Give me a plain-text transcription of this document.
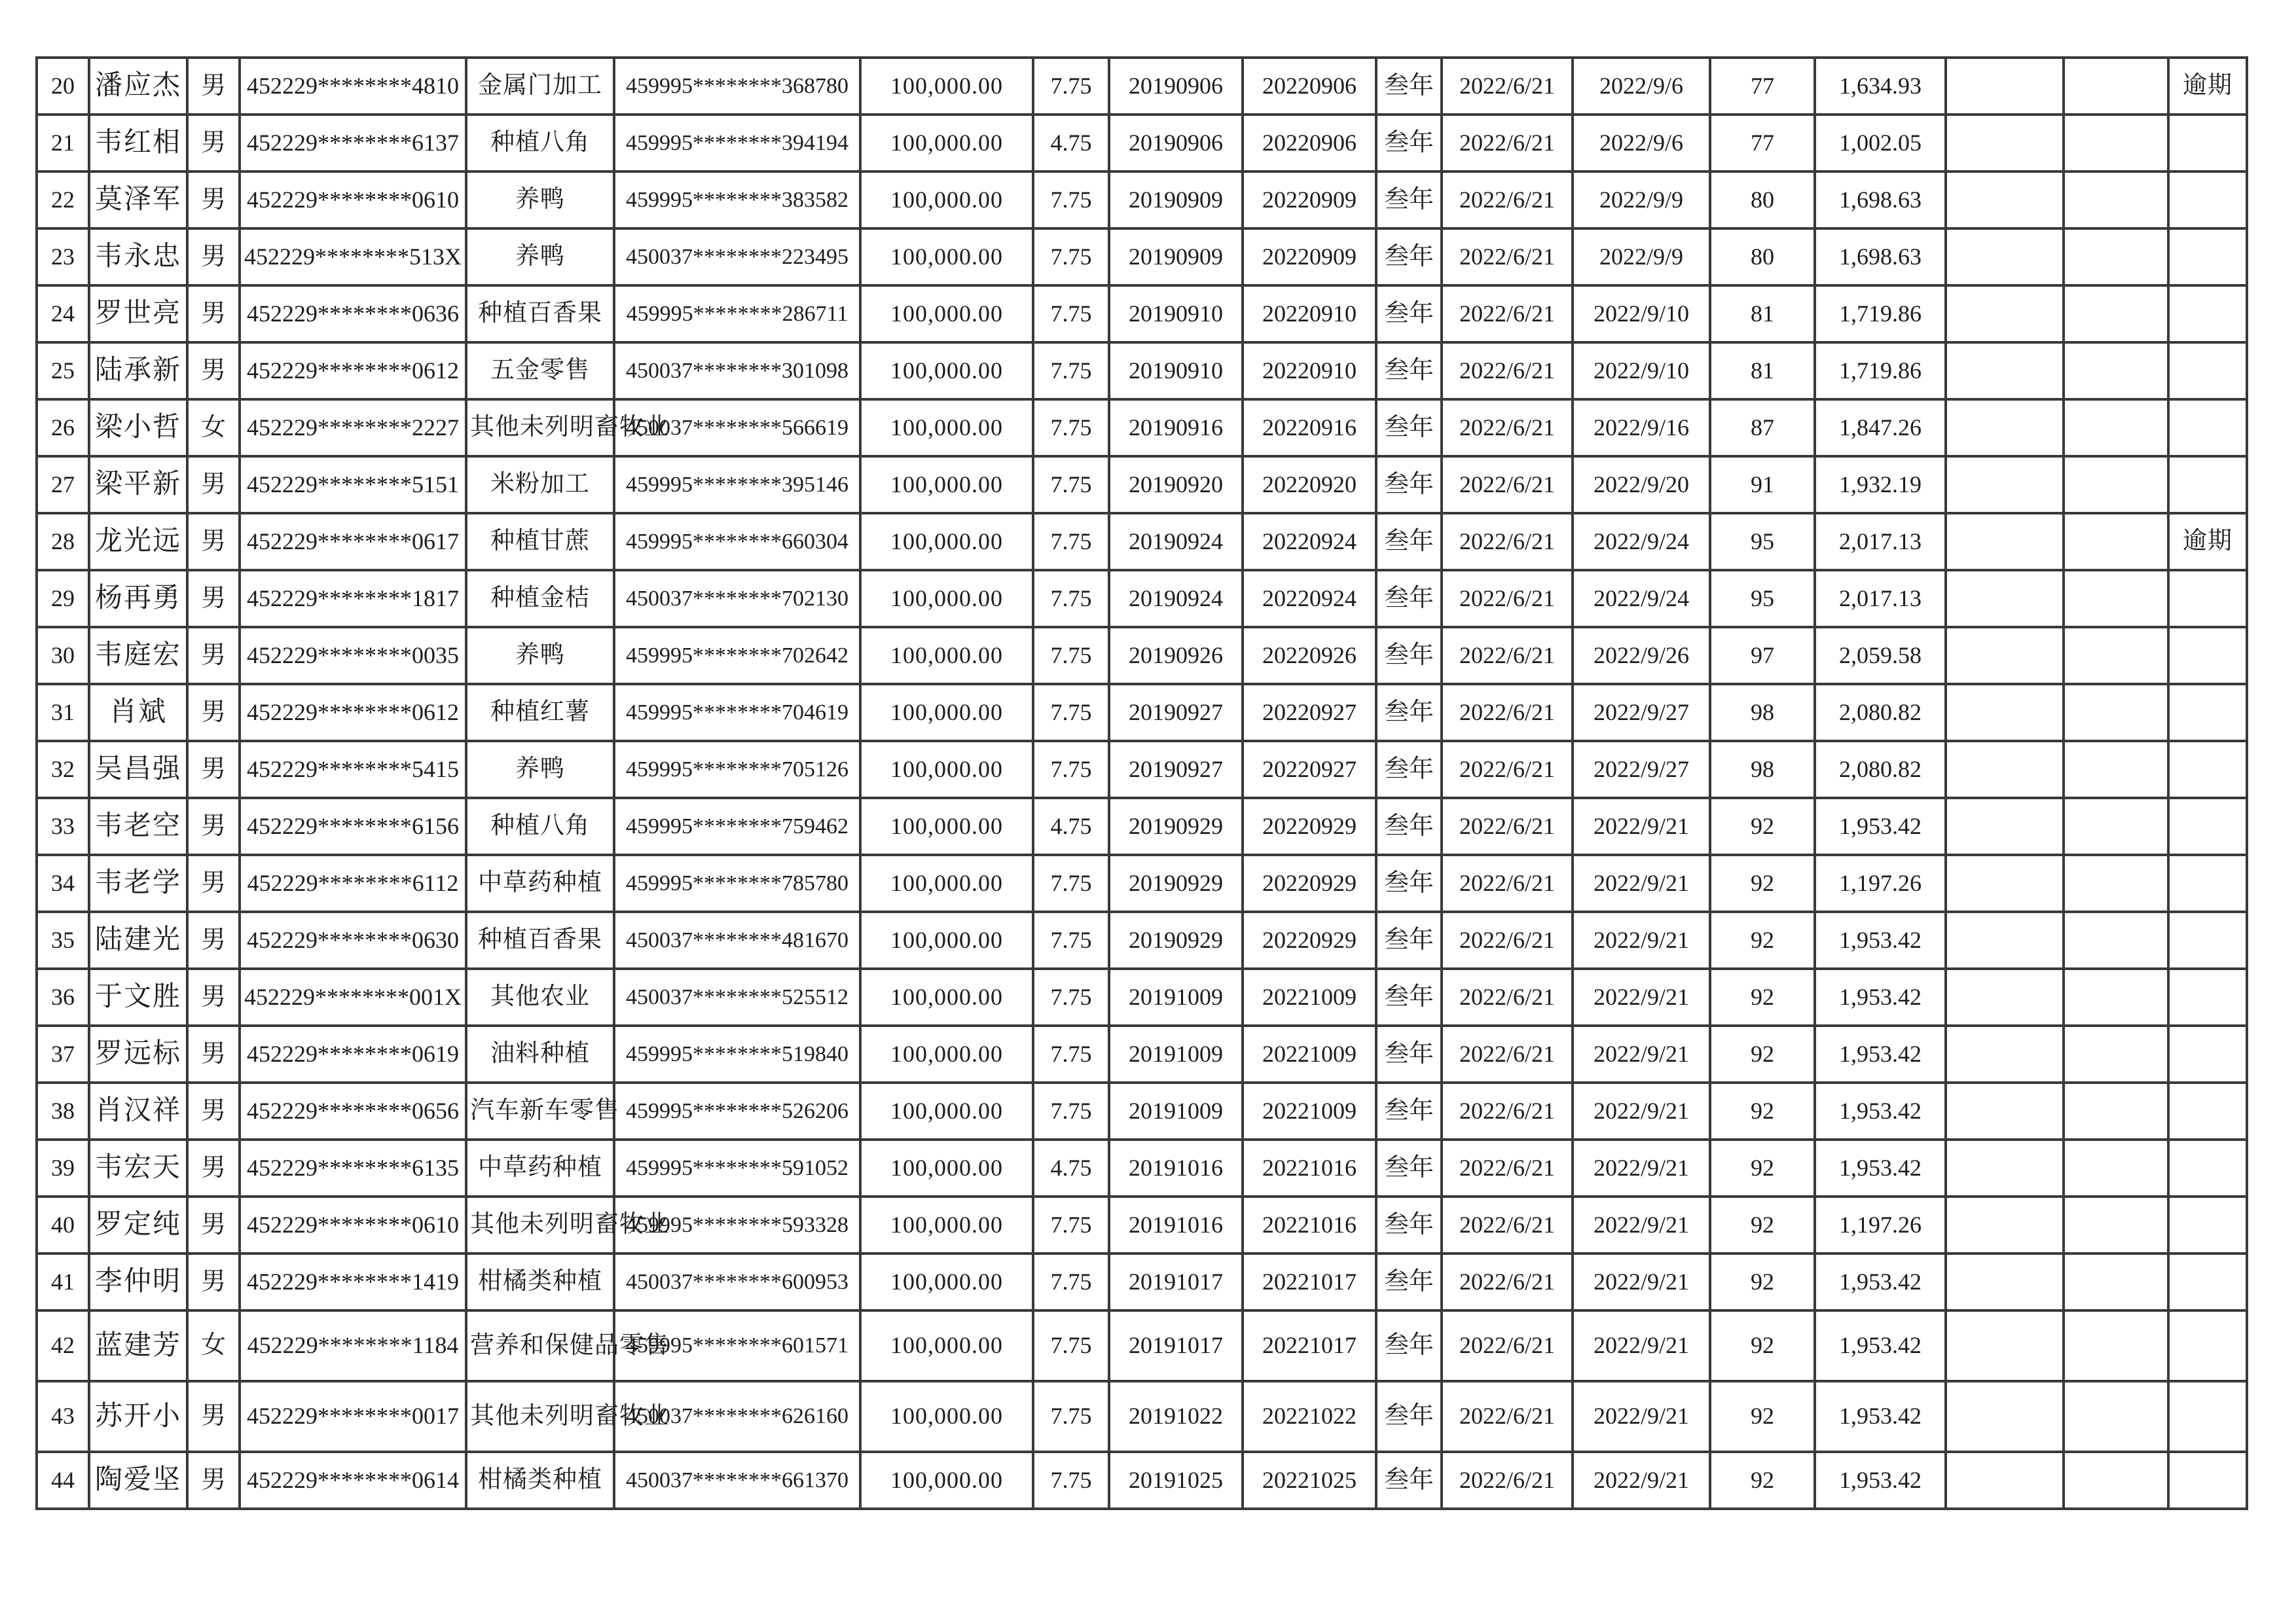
20	潘应杰	男	452229********4810	金属门加工	459995********368780	100,000.00	7.75	20190906	20220906	叁年	2022/6/21	2022/9/6	77	1,634.93			逾期
21	韦红相	男	452229********6137	种植八角	459995********394194	100,000.00	4.75	20190906	20220906	叁年	2022/6/21	2022/9/6	77	1,002.05			
22	莫泽军	男	452229********0610	养鸭	459995********383582	100,000.00	7.75	20190909	20220909	叁年	2022/6/21	2022/9/9	80	1,698.63			
23	韦永忠	男	452229********513X	养鸭	450037********223495	100,000.00	7.75	20190909	20220909	叁年	2022/6/21	2022/9/9	80	1,698.63			
24	罗世亮	男	452229********0636	种植百香果	459995********286711	100,000.00	7.75	20190910	20220910	叁年	2022/6/21	2022/9/10	81	1,719.86			
25	陆承新	男	452229********0612	五金零售	450037********301098	100,000.00	7.75	20190910	20220910	叁年	2022/6/21	2022/9/10	81	1,719.86			
26	梁小哲	女	452229********2227	其他未列明畜牧业	450037********566619	100,000.00	7.75	20190916	20220916	叁年	2022/6/21	2022/9/16	87	1,847.26			
27	梁平新	男	452229********5151	米粉加工	459995********395146	100,000.00	7.75	20190920	20220920	叁年	2022/6/21	2022/9/20	91	1,932.19			
28	龙光远	男	452229********0617	种植甘蔗	459995********660304	100,000.00	7.75	20190924	20220924	叁年	2022/6/21	2022/9/24	95	2,017.13			逾期
29	杨再勇	男	452229********1817	种植金桔	450037********702130	100,000.00	7.75	20190924	20220924	叁年	2022/6/21	2022/9/24	95	2,017.13			
30	韦庭宏	男	452229********0035	养鸭	459995********702642	100,000.00	7.75	20190926	20220926	叁年	2022/6/21	2022/9/26	97	2,059.58			
31	肖斌	男	452229********0612	种植红薯	459995********704619	100,000.00	7.75	20190927	20220927	叁年	2022/6/21	2022/9/27	98	2,080.82			
32	吴昌强	男	452229********5415	养鸭	459995********705126	100,000.00	7.75	20190927	20220927	叁年	2022/6/21	2022/9/27	98	2,080.82			
33	韦老空	男	452229********6156	种植八角	459995********759462	100,000.00	4.75	20190929	20220929	叁年	2022/6/21	2022/9/21	92	1,953.42			
34	韦老学	男	452229********6112	中草药种植	459995********785780	100,000.00	7.75	20190929	20220929	叁年	2022/6/21	2022/9/21	92	1,197.26			
35	陆建光	男	452229********0630	种植百香果	450037********481670	100,000.00	7.75	20190929	20220929	叁年	2022/6/21	2022/9/21	92	1,953.42			
36	于文胜	男	452229********001X	其他农业	450037********525512	100,000.00	7.75	20191009	20221009	叁年	2022/6/21	2022/9/21	92	1,953.42			
37	罗远标	男	452229********0619	油料种植	459995********519840	100,000.00	7.75	20191009	20221009	叁年	2022/6/21	2022/9/21	92	1,953.42			
38	肖汉祥	男	452229********0656	汽车新车零售	459995********526206	100,000.00	7.75	20191009	20221009	叁年	2022/6/21	2022/9/21	92	1,953.42			
39	韦宏天	男	452229********6135	中草药种植	459995********591052	100,000.00	4.75	20191016	20221016	叁年	2022/6/21	2022/9/21	92	1,953.42			
40	罗定纯	男	452229********0610	其他未列明畜牧业	459995********593328	100,000.00	7.75	20191016	20221016	叁年	2022/6/21	2022/9/21	92	1,197.26			
41	李仲明	男	452229********1419	柑橘类种植	450037********600953	100,000.00	7.75	20191017	20221017	叁年	2022/6/21	2022/9/21	92	1,953.42			
42	蓝建芳	女	452229********1184	营养和保健品零售	459995********601571	100,000.00	7.75	20191017	20221017	叁年	2022/6/21	2022/9/21	92	1,953.42			
43	苏开小	男	452229********0017	其他未列明畜牧业	450037********626160	100,000.00	7.75	20191022	20221022	叁年	2022/6/21	2022/9/21	92	1,953.42			
44	陶爱坚	男	452229********0614	柑橘类种植	450037********661370	100,000.00	7.75	20191025	20221025	叁年	2022/6/21	2022/9/21	92	1,953.42			
